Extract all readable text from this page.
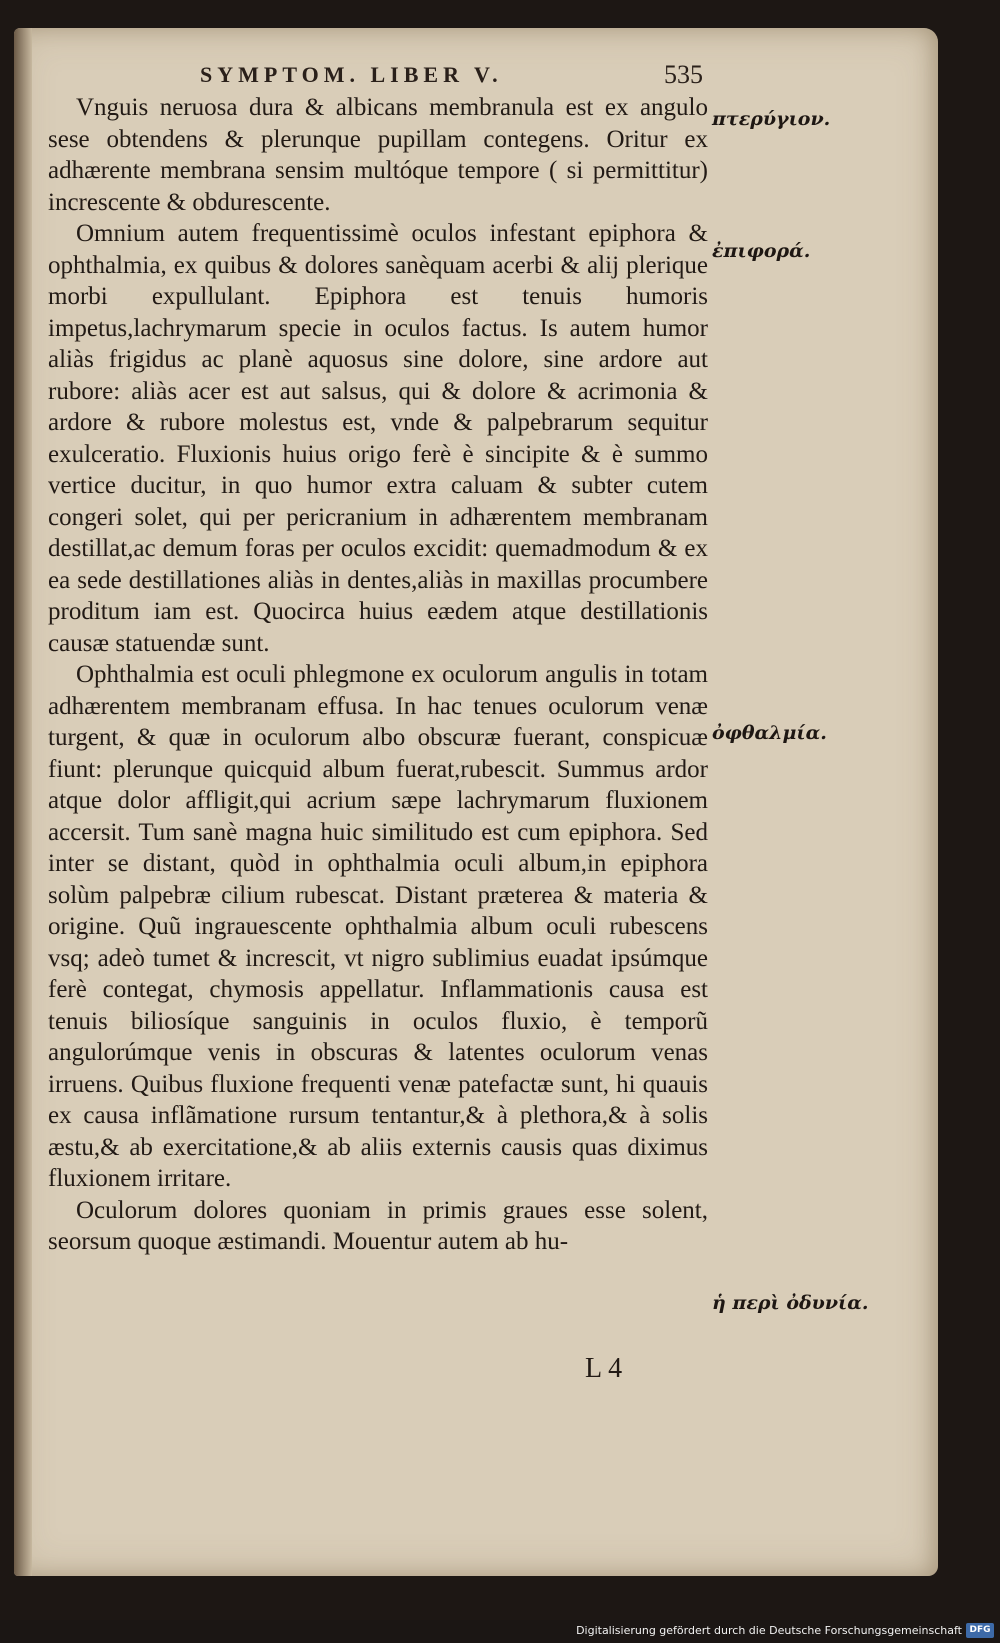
SYMPTOM. LIBER V.	535

Vnguis neruosa dura & albicans membranula est ex angulo sese obtendens & plerunque pupillam contegens. Oritur ex adhærente membrana sensim multóque tempore ( si permittitur) increscente & obdurescente.

Omnium autem frequentissimè oculos infestant epiphora & ophthalmia, ex quibus & dolores sanèquam acerbi & alij plerique morbi expullulant. Epiphora est tenuis humoris impetus,lachrymarum specie in oculos factus. Is autem humor aliàs frigidus ac planè aquosus sine dolore, sine ardore aut rubore: aliàs acer est aut salsus, qui & dolore & acrimonia & ardore & rubore molestus est, vnde & palpebrarum sequitur exulceratio. Fluxionis huius origo ferè è sincipite & è summo vertice ducitur, in quo humor extra caluam & subter cutem congeri solet, qui per pericranium in adhærentem membranam destillat,ac demum foras per oculos excidit: quemadmodum & ex ea sede destillationes aliàs in dentes,aliàs in maxillas procumbere proditum iam est. Quocirca huius eædem atque destillationis causæ statuendæ sunt.

Ophthalmia est oculi phlegmone ex oculorum angulis in totam adhærentem membranam effusa. In hac tenues oculorum venæ turgent, & quæ in oculorum albo obscuræ fuerant, conspicuæ fiunt: plerunque quicquid album fuerat,rubescit. Summus ardor atque dolor affligit,qui acrium sæpe lachrymarum fluxionem accersit. Tum sanè magna huic similitudo est cum epiphora. Sed inter se distant, quòd in ophthalmia oculi album,in epiphora solùm palpebræ cilium rubescat. Distant præterea & materia & origine. Quũ ingrauescente ophthalmia album oculi rubescens vsq; adeò tumet & increscit, vt nigro sublimius euadat ipsúmque ferè contegat, chymosis appellatur. Inflammationis causa est tenuis biliosíque sanguinis in oculos fluxio, è temporũ angulorúmque venis in obscuras & latentes oculorum venas irruens. Quibus fluxione frequenti venæ patefactæ sunt, hi quauis ex causa inflãmatione rursum tentantur,& à plethora,& à solis æstu,& ab exercitatione,& ab aliis externis causis quas diximus fluxionem irritare.

Oculorum dolores quoniam in primis graues esse solent, seorsum quoque æstimandi. Mouentur autem ab hu-

πτερύγιον.
ἐπιφορά.
ὀφθαλμία.
ἡ περὶ ὀδυνία.
L 4
Digitalisierung gefördert durch die Deutsche Forschungsgemeinschaft DFG
